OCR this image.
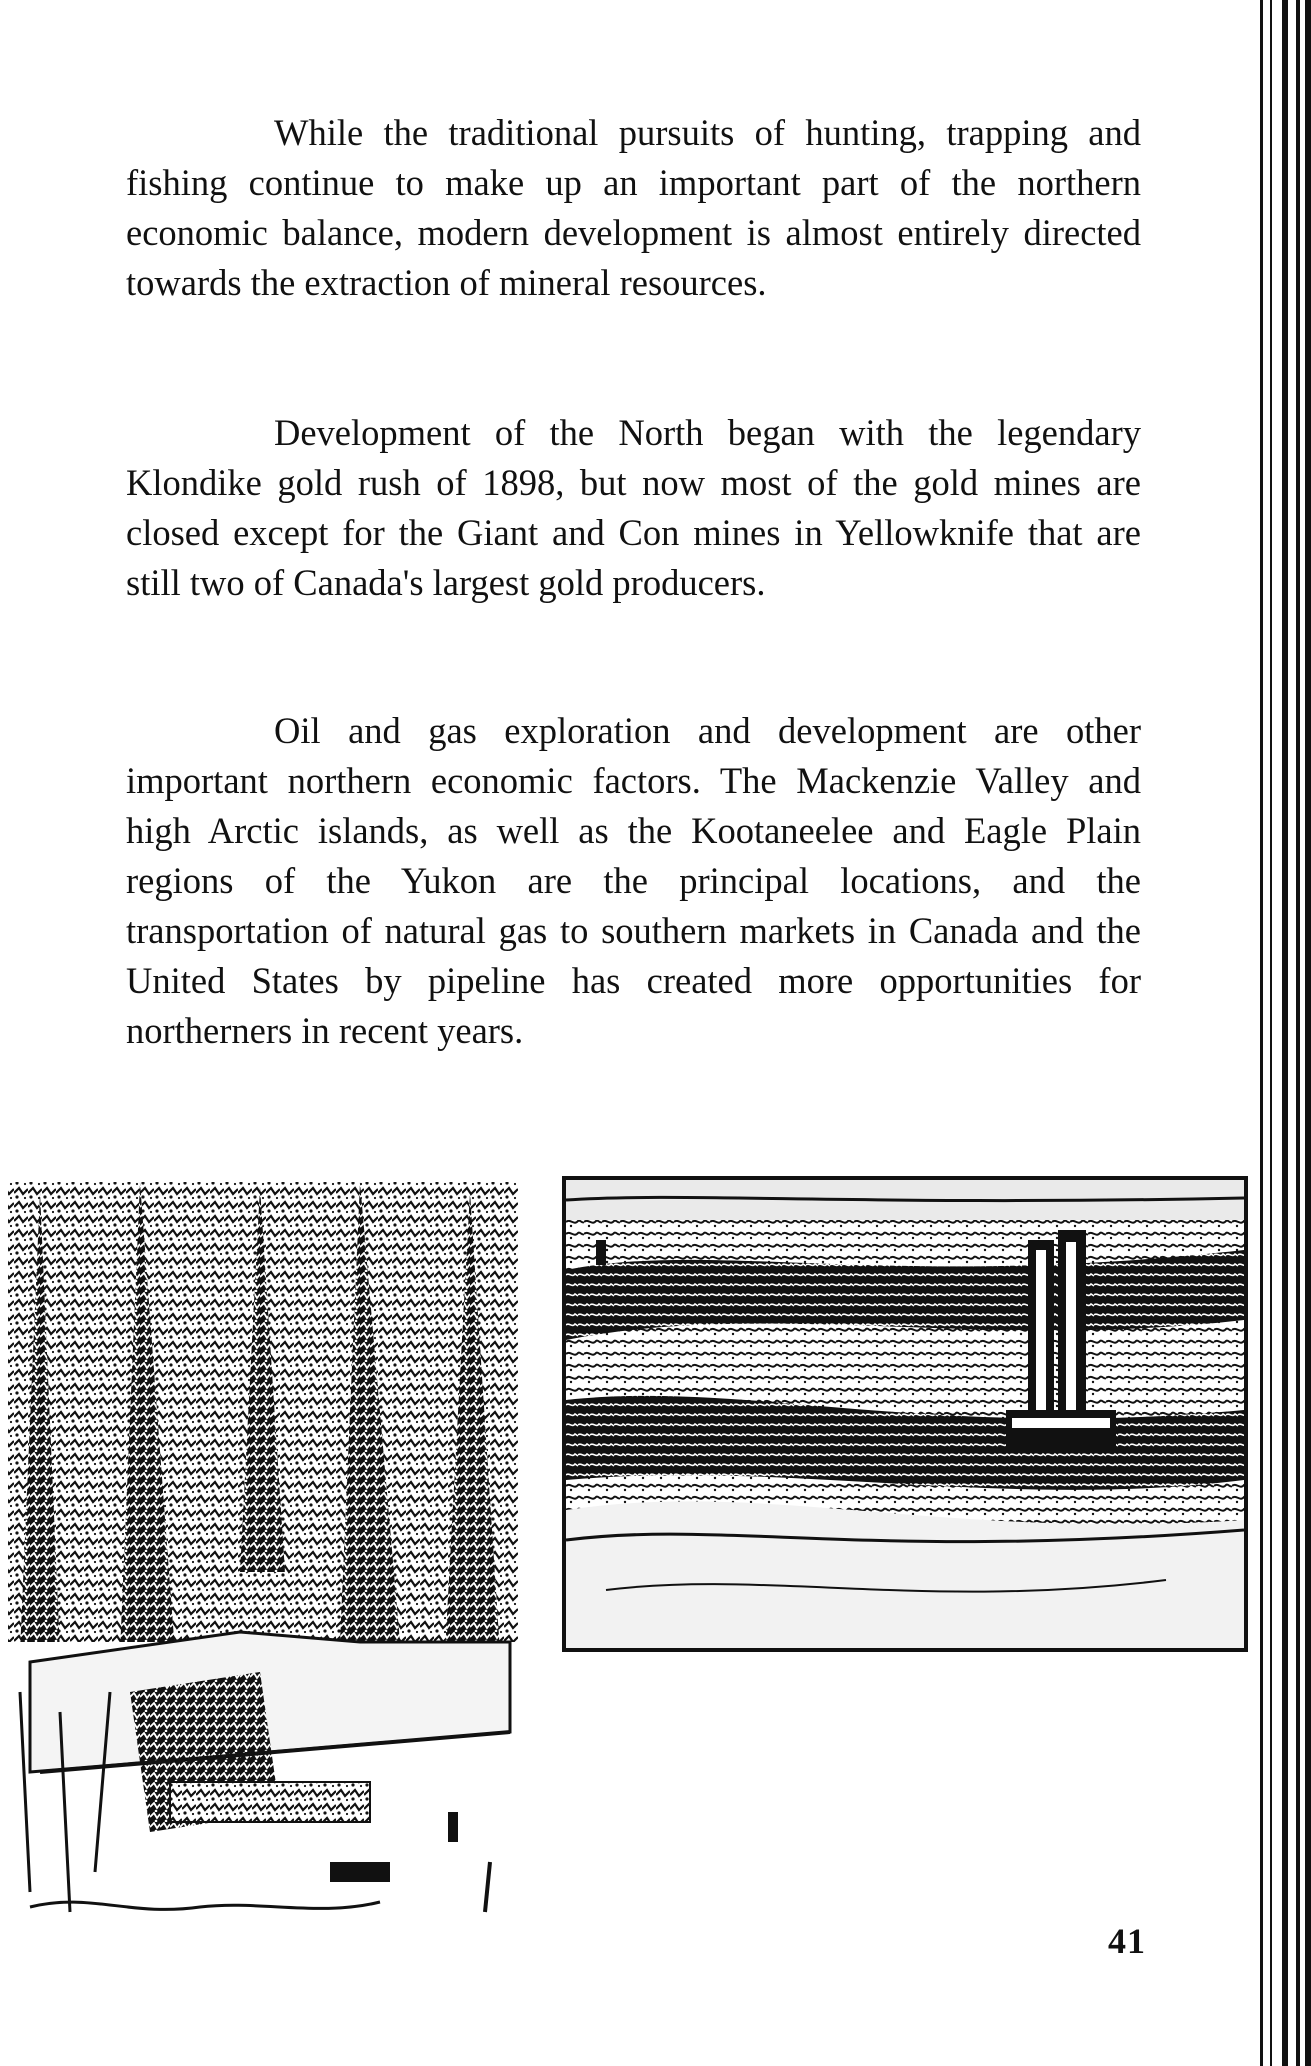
While the traditional pursuits of hunting, trapping and fishing continue to make up an important part of the northern economic balance, modern development is almost entirely directed towards the extraction of mineral resources.

Development of the North began with the legendary Klondike gold rush of 1898, but now most of the gold mines are closed except for the Giant and Con mines in Yellowknife that are still two of Canada's largest gold producers.

Oil and gas exploration and development are other important northern economic factors. The Mackenzie Valley and high Arctic islands, as well as the Kootaneelee and Eagle Plain regions of the Yukon are the principal locations, and the transportation of natural gas to southern markets in Canada and the United States by pipeline has created more opportunities for northerners in recent years.

41
